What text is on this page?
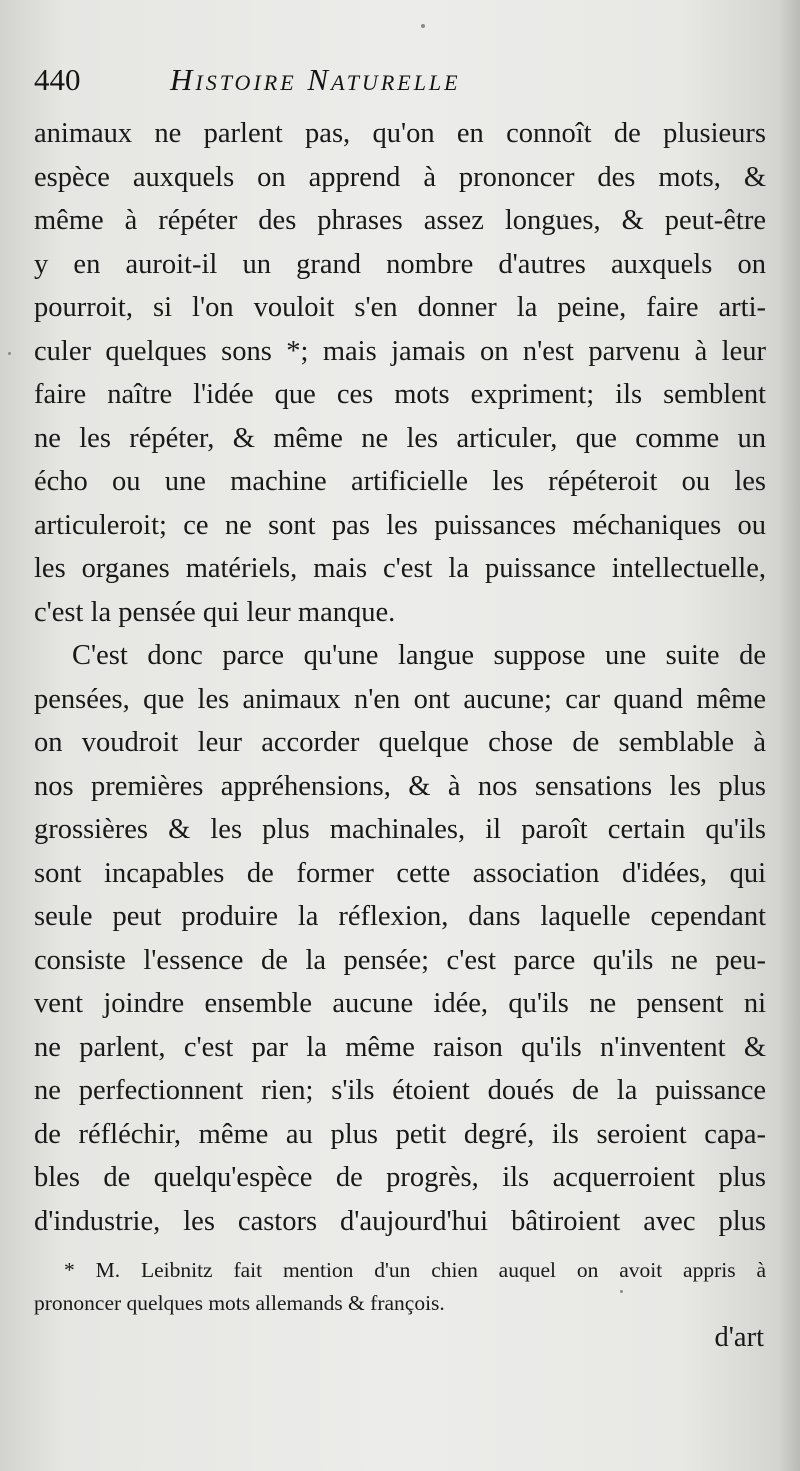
440	Histoire Naturelle
animaux ne parlent pas, qu'on en connoît de plusieurs
espèce auxquels on apprend à prononcer des mots, &
même à répéter des phrases assez longues, & peut-être
y en auroit-il un grand nombre d'autres auxquels on
pourroit, si l'on vouloit s'en donner la peine, faire arti-
culer quelques sons *; mais jamais on n'est parvenu à leur
faire naître l'idée que ces mots expriment; ils semblent
ne les répéter, & même ne les articuler, que comme un
écho ou une machine artificielle les répéteroit ou les
articuleroit; ce ne sont pas les puissances méchaniques ou
les organes matériels, mais c'est la puissance intellectuelle,
c'est la pensée qui leur manque.
C'est donc parce qu'une langue suppose une suite de
pensées, que les animaux n'en ont aucune; car quand même
on voudroit leur accorder quelque chose de semblable à
nos premières appréhensions, & à nos sensations les plus
grossières & les plus machinales, il paroît certain qu'ils
sont incapables de former cette association d'idées, qui
seule peut produire la réflexion, dans laquelle cependant
consiste l'essence de la pensée; c'est parce qu'ils ne peu-
vent joindre ensemble aucune idée, qu'ils ne pensent ni
ne parlent, c'est par la même raison qu'ils n'inventent &
ne perfectionnent rien; s'ils étoient doués de la puissance
de réfléchir, même au plus petit degré, ils seroient capa-
bles de quelqu'espèce de progrès, ils acquerroient plus
d'industrie, les castors d'aujourd'hui bâtiroient avec plus
* M. Leibnitz fait mention d'un chien auquel on avoit appris à
prononcer quelques mots allemands & françois.
d'art
